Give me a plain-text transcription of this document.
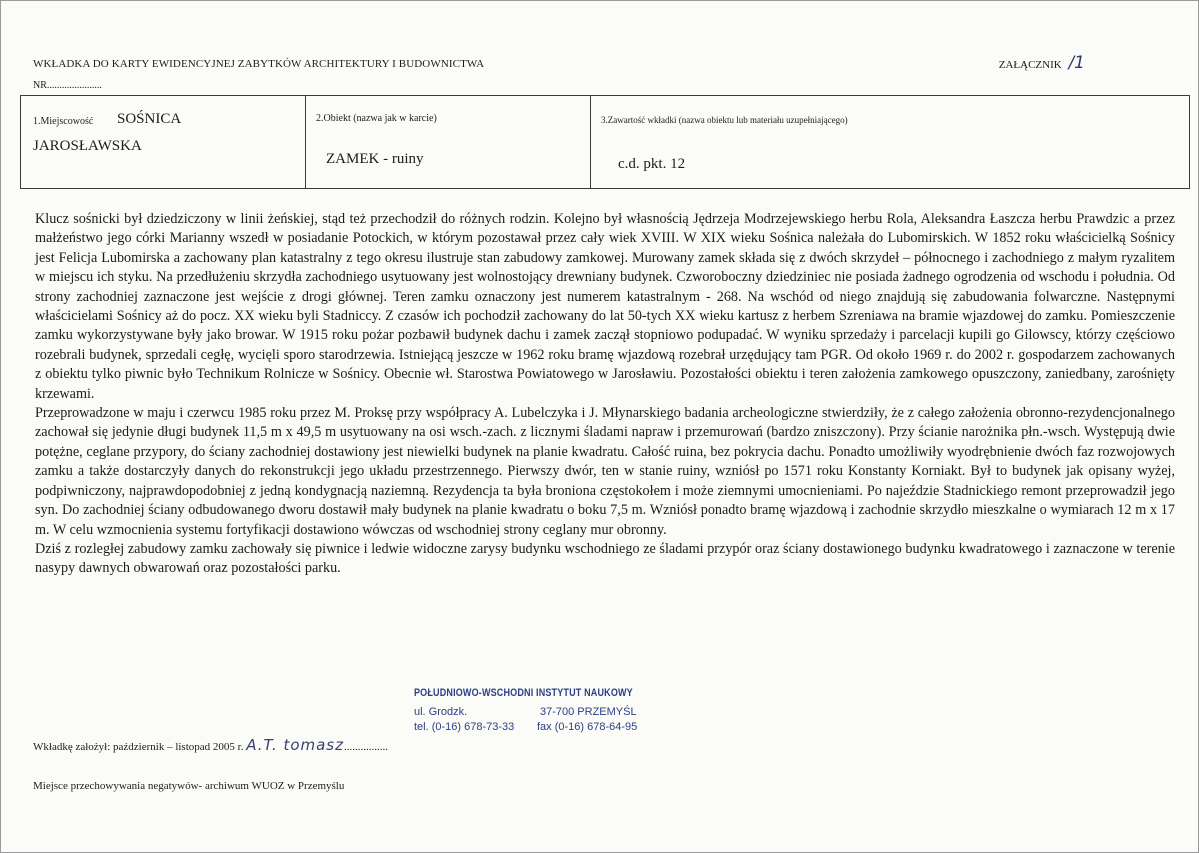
WKŁADKA DO KARTY EWIDENCYJNEJ ZABYTKÓW ARCHITEKTURY I BUDOWNICTWA	ZAŁĄCZNIK /1
NR......................
1.Miejscowość SOŚNICA
JAROSŁAWSKA
2.Obiekt (nazwa jak w karcie)
ZAMEK - ruiny
3.Zawartość wkładki (nazwa obiektu lub materiału uzupełniającego)
c.d. pkt. 12

Klucz sośnicki był dziedziczony w linii żeńskiej, stąd też przechodził do różnych rodzin. Kolejno był własnością Jędrzeja Modrzejewskiego herbu Rola, Aleksandra Łaszcza herbu Prawdzic a przez małżeństwo jego córki Marianny wszedł w posiadanie Potockich, w którym pozostawał przez cały wiek XVIII. W XIX wieku Sośnica należała do Lubomirskich. W 1852 roku właścicielką Sośnicy jest Felicja Lubomirska a zachowany plan katastralny z tego okresu ilustruje stan zabudowy zamkowej. Murowany zamek składa się z dwóch skrzydeł – północnego i zachodniego z małym ryzalitem w miejscu ich styku. Na przedłużeniu skrzydła zachodniego usytuowany jest wolnostojący drewniany budynek. Czworoboczny dziedziniec nie posiada żadnego ogrodzenia od wschodu i południa. Od strony zachodniej zaznaczone jest wejście z drogi głównej. Teren zamku oznaczony jest numerem katastralnym - 268. Na wschód od niego znajdują się zabudowania folwarczne. Następnymi właścicielami Sośnicy aż do pocz. XX wieku byli Stadniccy. Z czasów ich pochodził zachowany do lat 50-tych XX wieku kartusz z herbem Szreniawa na bramie wjazdowej do zamku. Pomieszczenie zamku wykorzystywane były jako browar. W 1915 roku pożar pozbawił budynek dachu i zamek zaczął stopniowo podupadać. W wyniku sprzedaży i parcelacji kupili go Gilowscy, którzy częściowo rozebrali budynek, sprzedali cegłę, wycięli sporo starodrzewia. Istniejącą jeszcze w 1962 roku bramę wjazdową rozebrał urzędujący tam PGR. Od około 1969 r. do 2002 r. gospodarzem zachowanych z obiektu tylko piwnic było Technikum Rolnicze w Sośnicy. Obecnie wł. Starostwa Powiatowego w Jarosławiu. Pozostałości obiektu i teren założenia zamkowego opuszczony, zaniedbany, zarośnięty krzewami.

Przeprowadzone w maju i czerwcu 1985 roku przez M. Proksę przy współpracy A. Lubelczyka i J. Młynarskiego badania archeologiczne stwierdziły, że z całego założenia obronno-rezydencjonalnego zachował się jedynie długi budynek 11,5 m x 49,5 m usytuowany na osi wsch.-zach. z licznymi śladami napraw i przemurowań (bardzo zniszczony). Przy ścianie narożnika płn.-wsch. Występują dwie potężne, ceglane przypory, do ściany zachodniej dostawiony jest niewielki budynek na planie kwadratu. Całość ruina, bez pokrycia dachu. Ponadto umożliwiły wyodrębnienie dwóch faz rozwojowych zamku a także dostarczyły danych do rekonstrukcji jego układu przestrzennego. Pierwszy dwór, ten w stanie ruiny, wzniósł po 1571 roku Konstanty Korniakt. Był to budynek jak opisany wyżej, podpiwniczony, najprawdopodobniej z jedną kondygnacją naziemną. Rezydencja ta była broniona częstokołem i może ziemnymi umocnieniami. Po najeździe Stadnickiego remont przeprowadził jego syn. Do zachodniej ściany odbudowanego dworu dostawił mały budynek na planie kwadratu o boku 7,5 m. Wzniósł ponadto bramę wjazdową i zachodnie skrzydło mieszkalne o wymiarach 12 m x 17 m. W celu wzmocnienia systemu fortyfikacji dostawiono wówczas od wschodniej strony ceglany mur obronny.

Dziś z rozległej zabudowy zamku zachowały się piwnice i ledwie widoczne zarysy budynku wschodniego ze śladami przypór oraz ściany dostawionego budynku kwadratowego i zaznaczone w terenie nasypy dawnych obwarowań oraz pozostałości parku.

POŁUDNIOWO-WSCHODNI INSTYTUT NAUKOWY
ul. Grodzk.	37-700 PRZEMYŚL
tel. (0-16) 678-73-33 fax (0-16) 678-64-95
Wkładkę założył: październik – listopad 2005 r. A.T. tomasz................
Miejsce przechowywania negatywów- archiwum WUOZ w Przemyślu
